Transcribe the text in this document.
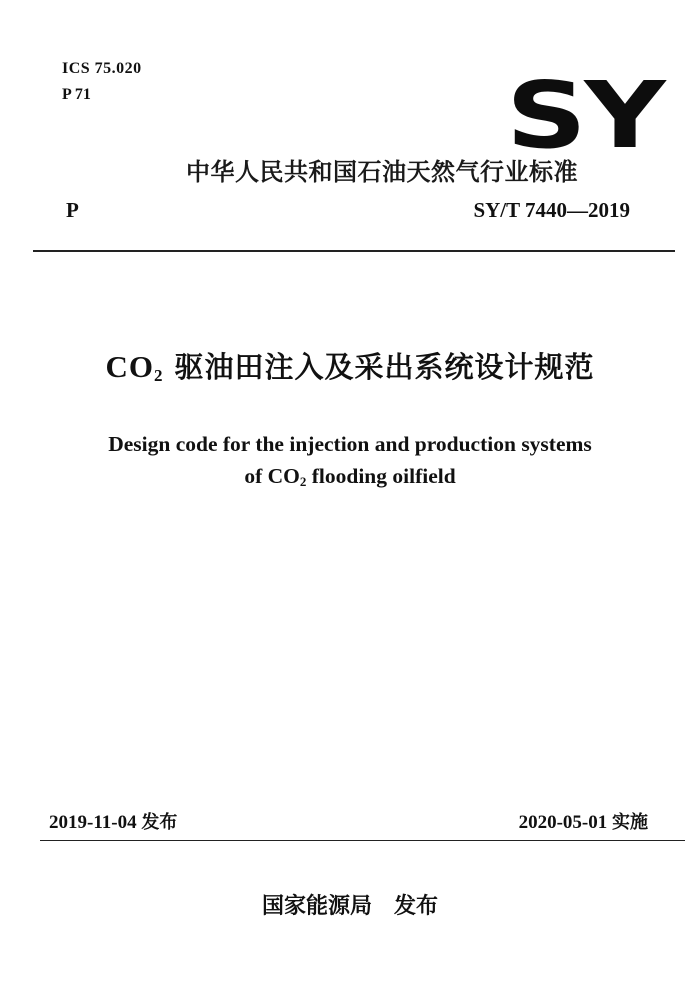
ICS 75.020
P 71	SY
中华人民共和国石油天然气行业标准
P	SY/T 7440—2019
$CO_2$ 驱油田注入及采出系统设计规范
Design code for the injection and production systems
of $CO_2$ flooding oilfield
2019-11-04 发布	2020-05-01 实施
国家能源局 发布
